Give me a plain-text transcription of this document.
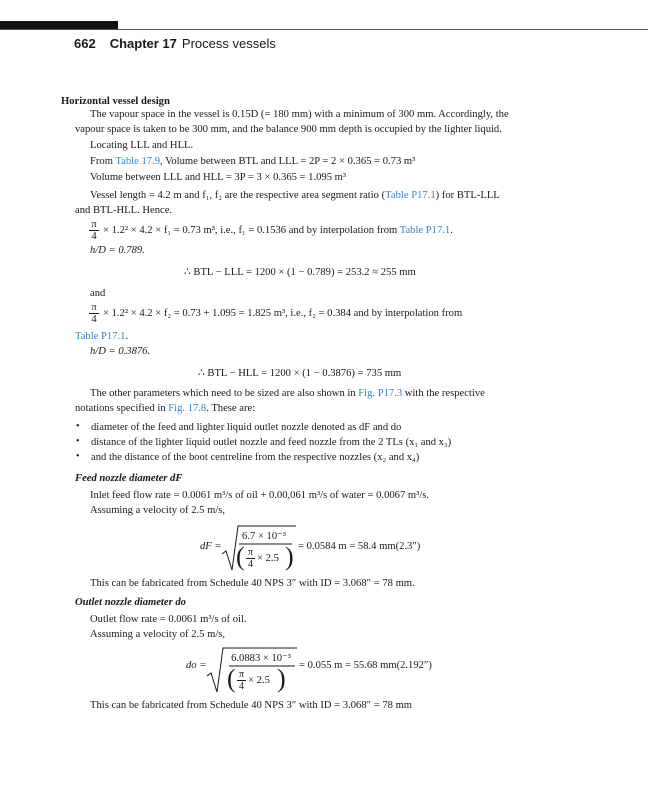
662 Chapter 17 Process vessels
Horizontal vessel design
The vapour space in the vessel is 0.15D (= 180 mm) with a minimum of 300 mm. Accordingly, the
vapour space is taken to be 300 mm, and the balance 900 mm depth is occupied by the lighter liquid.
Locating LLL and HLL.
From Table 17.9, Volume between BTL and LLL = 2P = 2 × 0.365 = 0.73 m³
Volume between LLL and HLL = 3P = 3 × 0.365 = 1.095 m³
Vessel length = 4.2 m and f₁, f₂ are the respective area segment ratio (Table P17.1) for BTL-LLL
and BTL-HLL. Hence.
$\frac{\pi}{4} \times 1.2^2 \times 4.2 \times f_1 = 0.73$ m³, i.e., f₁ = 0.1536 and by interpolation from Table P17.1.
h/D = 0.789.
∴ BTL − LLL = 1200 × (1 − 0.789) = 253.2 ≈ 255 mm
and
$\frac{\pi}{4} \times 1.2^2 \times 4.2 \times f_2 = 0.73 + 1.095 = 1.825$ m³, i.e., f₂ = 0.384 and by interpolation from
Table P17.1.
h/D = 0.3876.
∴ BTL − HLL = 1200 × (1 − 0.3876) = 735 mm
The other parameters which need to be sized are also shown in Fig. P17.3 with the respective
notations specified in Fig. 17.8. These are:
• diameter of the feed and lighter liquid outlet nozzle denoted as dF and do
• distance of the lighter liquid outlet nozzle and feed nozzle from the 2 TLs (x₁ and x₃)
• and the distance of the boot centreline from the respective nozzles (x₂ and x₄)
Feed nozzle diameter dF
Inlet feed flow rate = 0.0061 m³/s of oil + 0.00,061 m³/s of water = 0.0067 m³/s.
Assuming a velocity of 2.5 m/s,
dF =
6.7 × 10⁻³
( $\frac{\pi}{4} \times 2.5$ ) = 0.0584 m = 58.4 mm(2.3″)
This can be fabricated from Schedule 40 NPS 3″ with ID = 3.068″ = 78 mm.
Outlet nozzle diameter do
Outlet flow rate = 0.0061 m³/s of oil.
Assuming a velocity of 2.5 m/s,
do =
6.0883 × 10⁻³
( $\frac{\pi}{4} \times 2.5$ ) = 0.055 m = 55.68 mm(2.192″)
This can be fabricated from Schedule 40 NPS 3″ with ID = 3.068″ = 78 mm
